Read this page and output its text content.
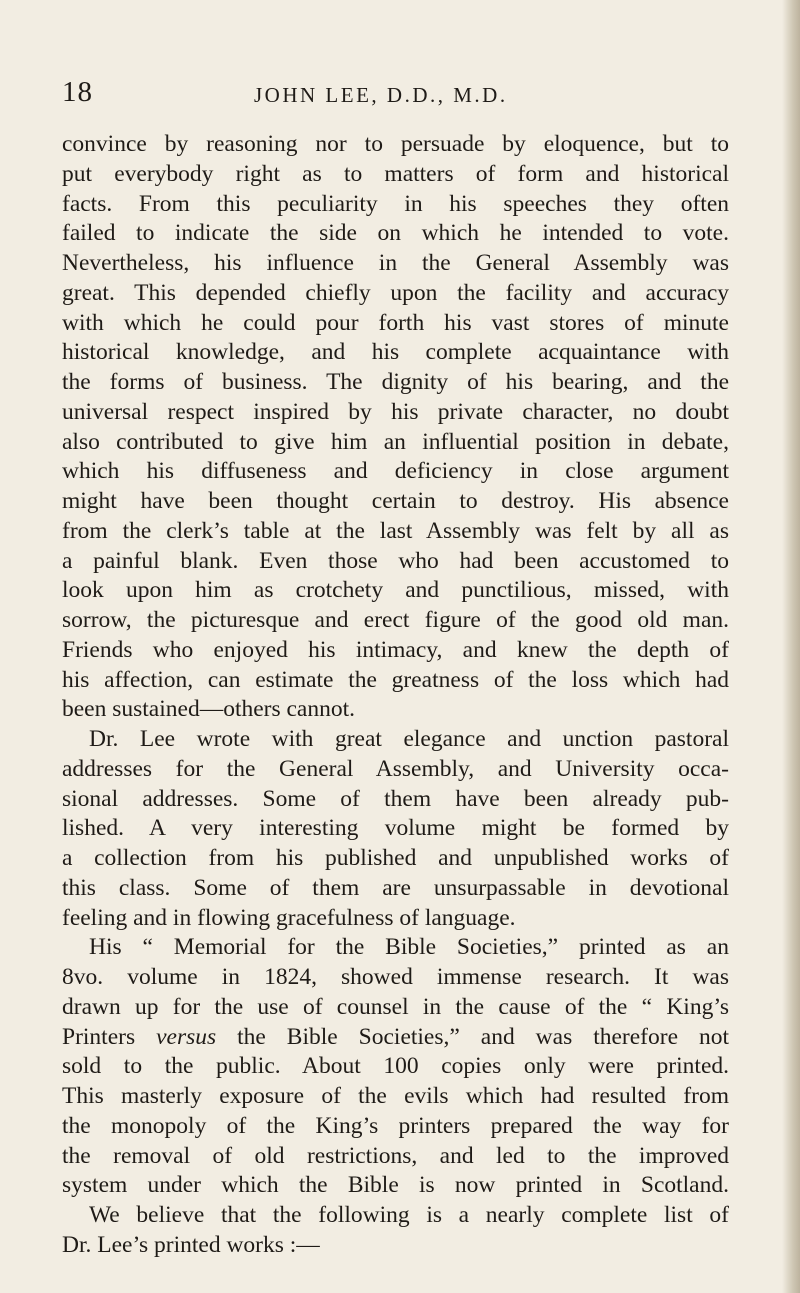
18	JOHN LEE, D.D., M.D.
convince by reasoning nor to persuade by eloquence, but to
put everybody right as to matters of form and historical
facts. From this peculiarity in his speeches they often
failed to indicate the side on which he intended to vote.
Nevertheless, his influence in the General Assembly was
great. This depended chiefly upon the facility and accuracy
with which he could pour forth his vast stores of minute
historical knowledge, and his complete acquaintance with
the forms of business. The dignity of his bearing, and the
universal respect inspired by his private character, no doubt
also contributed to give him an influential position in debate,
which his diffuseness and deficiency in close argument
might have been thought certain to destroy. His absence
from the clerk’s table at the last Assembly was felt by all as
a painful blank. Even those who had been accustomed to
look upon him as crotchety and punctilious, missed, with
sorrow, the picturesque and erect figure of the good old man.
Friends who enjoyed his intimacy, and knew the depth of
his affection, can estimate the greatness of the loss which had
been sustained—others cannot.
Dr. Lee wrote with great elegance and unction pastoral
addresses for the General Assembly, and University occa-
sional addresses. Some of them have been already pub-
lished. A very interesting volume might be formed by
a collection from his published and unpublished works of
this class. Some of them are unsurpassable in devotional
feeling and in flowing gracefulness of language.
His “ Memorial for the Bible Societies,” printed as an
8vo. volume in 1824, showed immense research. It was
drawn up for the use of counsel in the cause of the “ King’s
Printers versus the Bible Societies,” and was therefore not
sold to the public. About 100 copies only were printed.
This masterly exposure of the evils which had resulted from
the monopoly of the King’s printers prepared the way for
the removal of old restrictions, and led to the improved
system under which the Bible is now printed in Scotland.
We believe that the following is a nearly complete list of
Dr. Lee’s printed works :—
